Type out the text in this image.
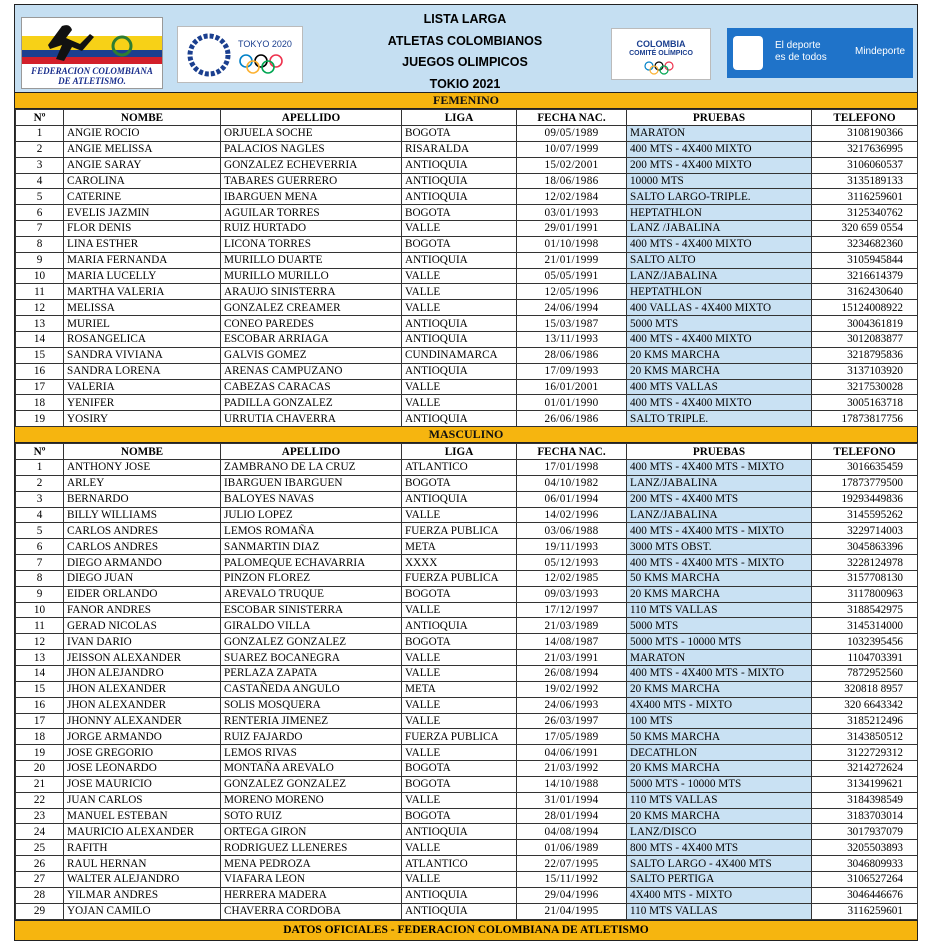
FEDERACION COLOMBIANA DE ATLETISMO.
TOKYO 2020
LISTA LARGA
ATLETAS COLOMBIANOS
JUEGOS OLIMPICOS
TOKIO 2021
COLOMBIA
COMITÉ OLÍMPICO
El deporte
es de todos
Mindeporte
FEMENINO
Nº	NOMBE	APELLIDO	LIGA	FECHA NAC.	PRUEBAS	TELEFONO
1	ANGIE ROCIO	ORJUELA SOCHE	BOGOTA	09/05/1989	MARATON	3108190366
2	ANGIE MELISSA	PALACIOS NAGLES	RISARALDA	10/07/1999	400 MTS - 4X400 MIXTO	3217636995
3	ANGIE SARAY	GONZALEZ ECHEVERRIA	ANTIOQUIA	15/02/2001	200 MTS - 4X400 MIXTO	3106060537
4	CAROLINA	TABARES GUERRERO	ANTIOQUIA	18/06/1986	10000 MTS	3135189133
5	CATERINE	IBARGUEN MENA	ANTIOQUIA	12/02/1984	SALTO LARGO-TRIPLE.	3116259601
6	EVELIS JAZMIN	AGUILAR TORRES	BOGOTA	03/01/1993	HEPTATHLON	3125340762
7	FLOR DENIS	RUIZ HURTADO	VALLE	29/01/1991	LANZ /JABALINA	320 659 0554
8	LINA ESTHER	LICONA TORRES	BOGOTA	01/10/1998	400 MTS - 4X400 MIXTO	3234682360
9	MARIA FERNANDA	MURILLO DUARTE	ANTIOQUIA	21/01/1999	SALTO ALTO	3105945844
10	MARIA LUCELLY	MURILLO MURILLO	VALLE	05/05/1991	LANZ/JABALINA	3216614379
11	MARTHA VALERIA	ARAUJO SINISTERRA	VALLE	12/05/1996	HEPTATHLON	3162430640
12	MELISSA	GONZALEZ CREAMER	VALLE	24/06/1994	400 VALLAS - 4X400 MIXTO	15124008922
13	MURIEL	CONEO PAREDES	ANTIOQUIA	15/03/1987	5000 MTS	3004361819
14	ROSANGELICA	ESCOBAR ARRIAGA	ANTIOQUIA	13/11/1993	400 MTS - 4X400 MIXTO	3012083877
15	SANDRA VIVIANA	GALVIS GOMEZ	CUNDINAMARCA	28/06/1986	20 KMS MARCHA	3218795836
16	SANDRA LORENA	ARENAS CAMPUZANO	ANTIOQUIA	17/09/1993	20 KMS MARCHA	3137103920
17	VALERIA	CABEZAS CARACAS	VALLE	16/01/2001	400 MTS VALLAS	3217530028
18	YENIFER	PADILLA GONZALEZ	VALLE	01/01/1990	400 MTS - 4X400 MIXTO	3005163718
19	YOSIRY	URRUTIA CHAVERRA	ANTIOQUIA	26/06/1986	SALTO TRIPLE.	17873817756
MASCULINO
Nº	NOMBE	APELLIDO	LIGA	FECHA NAC.	PRUEBAS	TELEFONO
1	ANTHONY JOSE	ZAMBRANO DE LA CRUZ	ATLANTICO	17/01/1998	400 MTS - 4X400 MTS - MIXTO	3016635459
2	ARLEY	IBARGUEN IBARGUEN	BOGOTA	04/10/1982	LANZ/JABALINA	17873779500
3	BERNARDO	BALOYES NAVAS	ANTIOQUIA	06/01/1994	200 MTS - 4X400 MTS	19293449836
4	BILLY WILLIAMS	JULIO LOPEZ	VALLE	14/02/1996	LANZ/JABALINA	3145595262
5	CARLOS ANDRES	LEMOS ROMAÑA	FUERZA PUBLICA	03/06/1988	400 MTS - 4X400 MTS - MIXTO	3229714003
6	CARLOS ANDRES	SANMARTIN DIAZ	META	19/11/1993	3000 MTS OBST.	3045863396
7	DIEGO ARMANDO	PALOMEQUE ECHAVARRIA	XXXX	05/12/1993	400 MTS - 4X400 MTS - MIXTO	3228124978
8	DIEGO JUAN	PINZON FLOREZ	FUERZA PUBLICA	12/02/1985	50 KMS MARCHA	3157708130
9	EIDER ORLANDO	AREVALO TRUQUE	BOGOTA	09/03/1993	20 KMS MARCHA	3117800963
10	FANOR ANDRES	ESCOBAR SINISTERRA	VALLE	17/12/1997	110 MTS VALLAS	3188542975
11	GERAD NICOLAS	GIRALDO VILLA	ANTIOQUIA	21/03/1989	5000 MTS	3145314000
12	IVAN DARIO	GONZALEZ GONZALEZ	BOGOTA	14/08/1987	5000 MTS - 10000 MTS	1032395456
13	JEISSON ALEXANDER	SUAREZ BOCANEGRA	VALLE	21/03/1991	MARATON	1104703391
14	JHON ALEJANDRO	PERLAZA ZAPATA	VALLE	26/08/1994	400 MTS - 4X400 MTS - MIXTO	7872952560
15	JHON ALEXANDER	CASTAÑEDA ANGULO	META	19/02/1992	20 KMS MARCHA	320818 8957
16	JHON ALEXANDER	SOLIS MOSQUERA	VALLE	24/06/1993	4X400 MTS - MIXTO	320 6643342
17	JHONNY ALEXANDER	RENTERIA JIMENEZ	VALLE	26/03/1997	100 MTS	3185212496
18	JORGE ARMANDO	RUIZ FAJARDO	FUERZA PUBLICA	17/05/1989	50 KMS MARCHA	3143850512
19	JOSE GREGORIO	LEMOS RIVAS	VALLE	04/06/1991	DECATHLON	3122729312
20	JOSE LEONARDO	MONTAÑA AREVALO	BOGOTA	21/03/1992	20 KMS MARCHA	3214272624
21	JOSE MAURICIO	GONZALEZ GONZALEZ	BOGOTA	14/10/1988	5000 MTS - 10000 MTS	3134199621
22	JUAN CARLOS	MORENO MORENO	VALLE	31/01/1994	110 MTS VALLAS	3184398549
23	MANUEL ESTEBAN	SOTO RUIZ	BOGOTA	28/01/1994	20 KMS MARCHA	3183703014
24	MAURICIO ALEXANDER	ORTEGA GIRON	ANTIOQUIA	04/08/1994	LANZ/DISCO	3017937079
25	RAFITH	RODRIGUEZ LLENERES	VALLE	01/06/1989	800 MTS - 4X400 MTS	3205503893
26	RAUL HERNAN	MENA PEDROZA	ATLANTICO	22/07/1995	SALTO LARGO - 4X400 MTS	3046809933
27	WALTER ALEJANDRO	VIAFARA LEON	VALLE	15/11/1992	SALTO PERTIGA	3106527264
28	YILMAR ANDRES	HERRERA MADERA	ANTIOQUIA	29/04/1996	4X400 MTS - MIXTO	3046446676
29	YOJAN CAMILO	CHAVERRA CORDOBA	ANTIOQUIA	21/04/1995	110 MTS VALLAS	3116259601
DATOS OFICIALES - FEDERACION COLOMBIANA DE ATLETISMO
